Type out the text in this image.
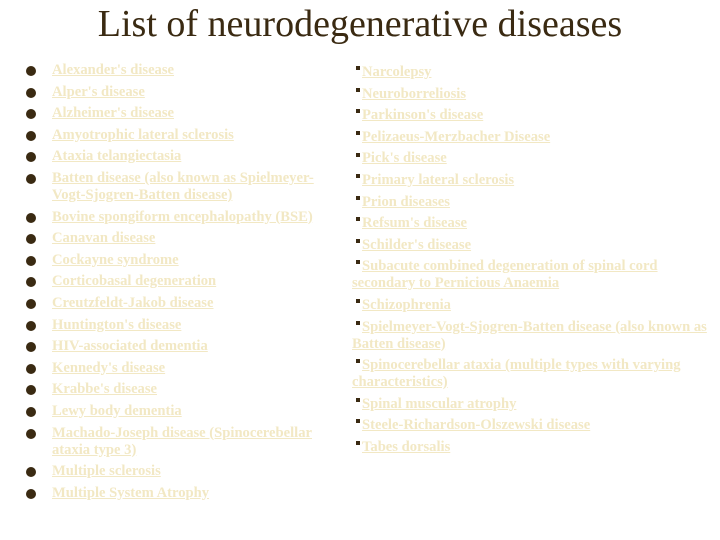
List of neurodegenerative diseases
Alexander's disease
Alper's disease
Alzheimer's disease
Amyotrophic lateral sclerosis
Ataxia telangiectasia
Batten disease (also known as Spielmeyer-Vogt-Sjogren-Batten disease)
Bovine spongiform encephalopathy (BSE)
Canavan disease
Cockayne syndrome
Corticobasal degeneration
Creutzfeldt-Jakob disease
Huntington's disease
HIV-associated dementia
Kennedy's disease
Krabbe's disease
Lewy body dementia
Machado-Joseph disease (Spinocerebellar ataxia type 3)
Multiple sclerosis
Multiple System Atrophy
Narcolepsy
Neuroborreliosis
Parkinson's disease
Pelizaeus-Merzbacher Disease
Pick's disease
Primary lateral sclerosis
Prion diseases
Refsum's disease
Schilder's disease
Subacute combined degeneration of spinal cord secondary to Pernicious Anaemia
Schizophrenia
Spielmeyer-Vogt-Sjogren-Batten disease (also known as Batten disease)
Spinocerebellar ataxia (multiple types with varying characteristics)
Spinal muscular atrophy
Steele-Richardson-Olszewski disease
Tabes dorsalis
